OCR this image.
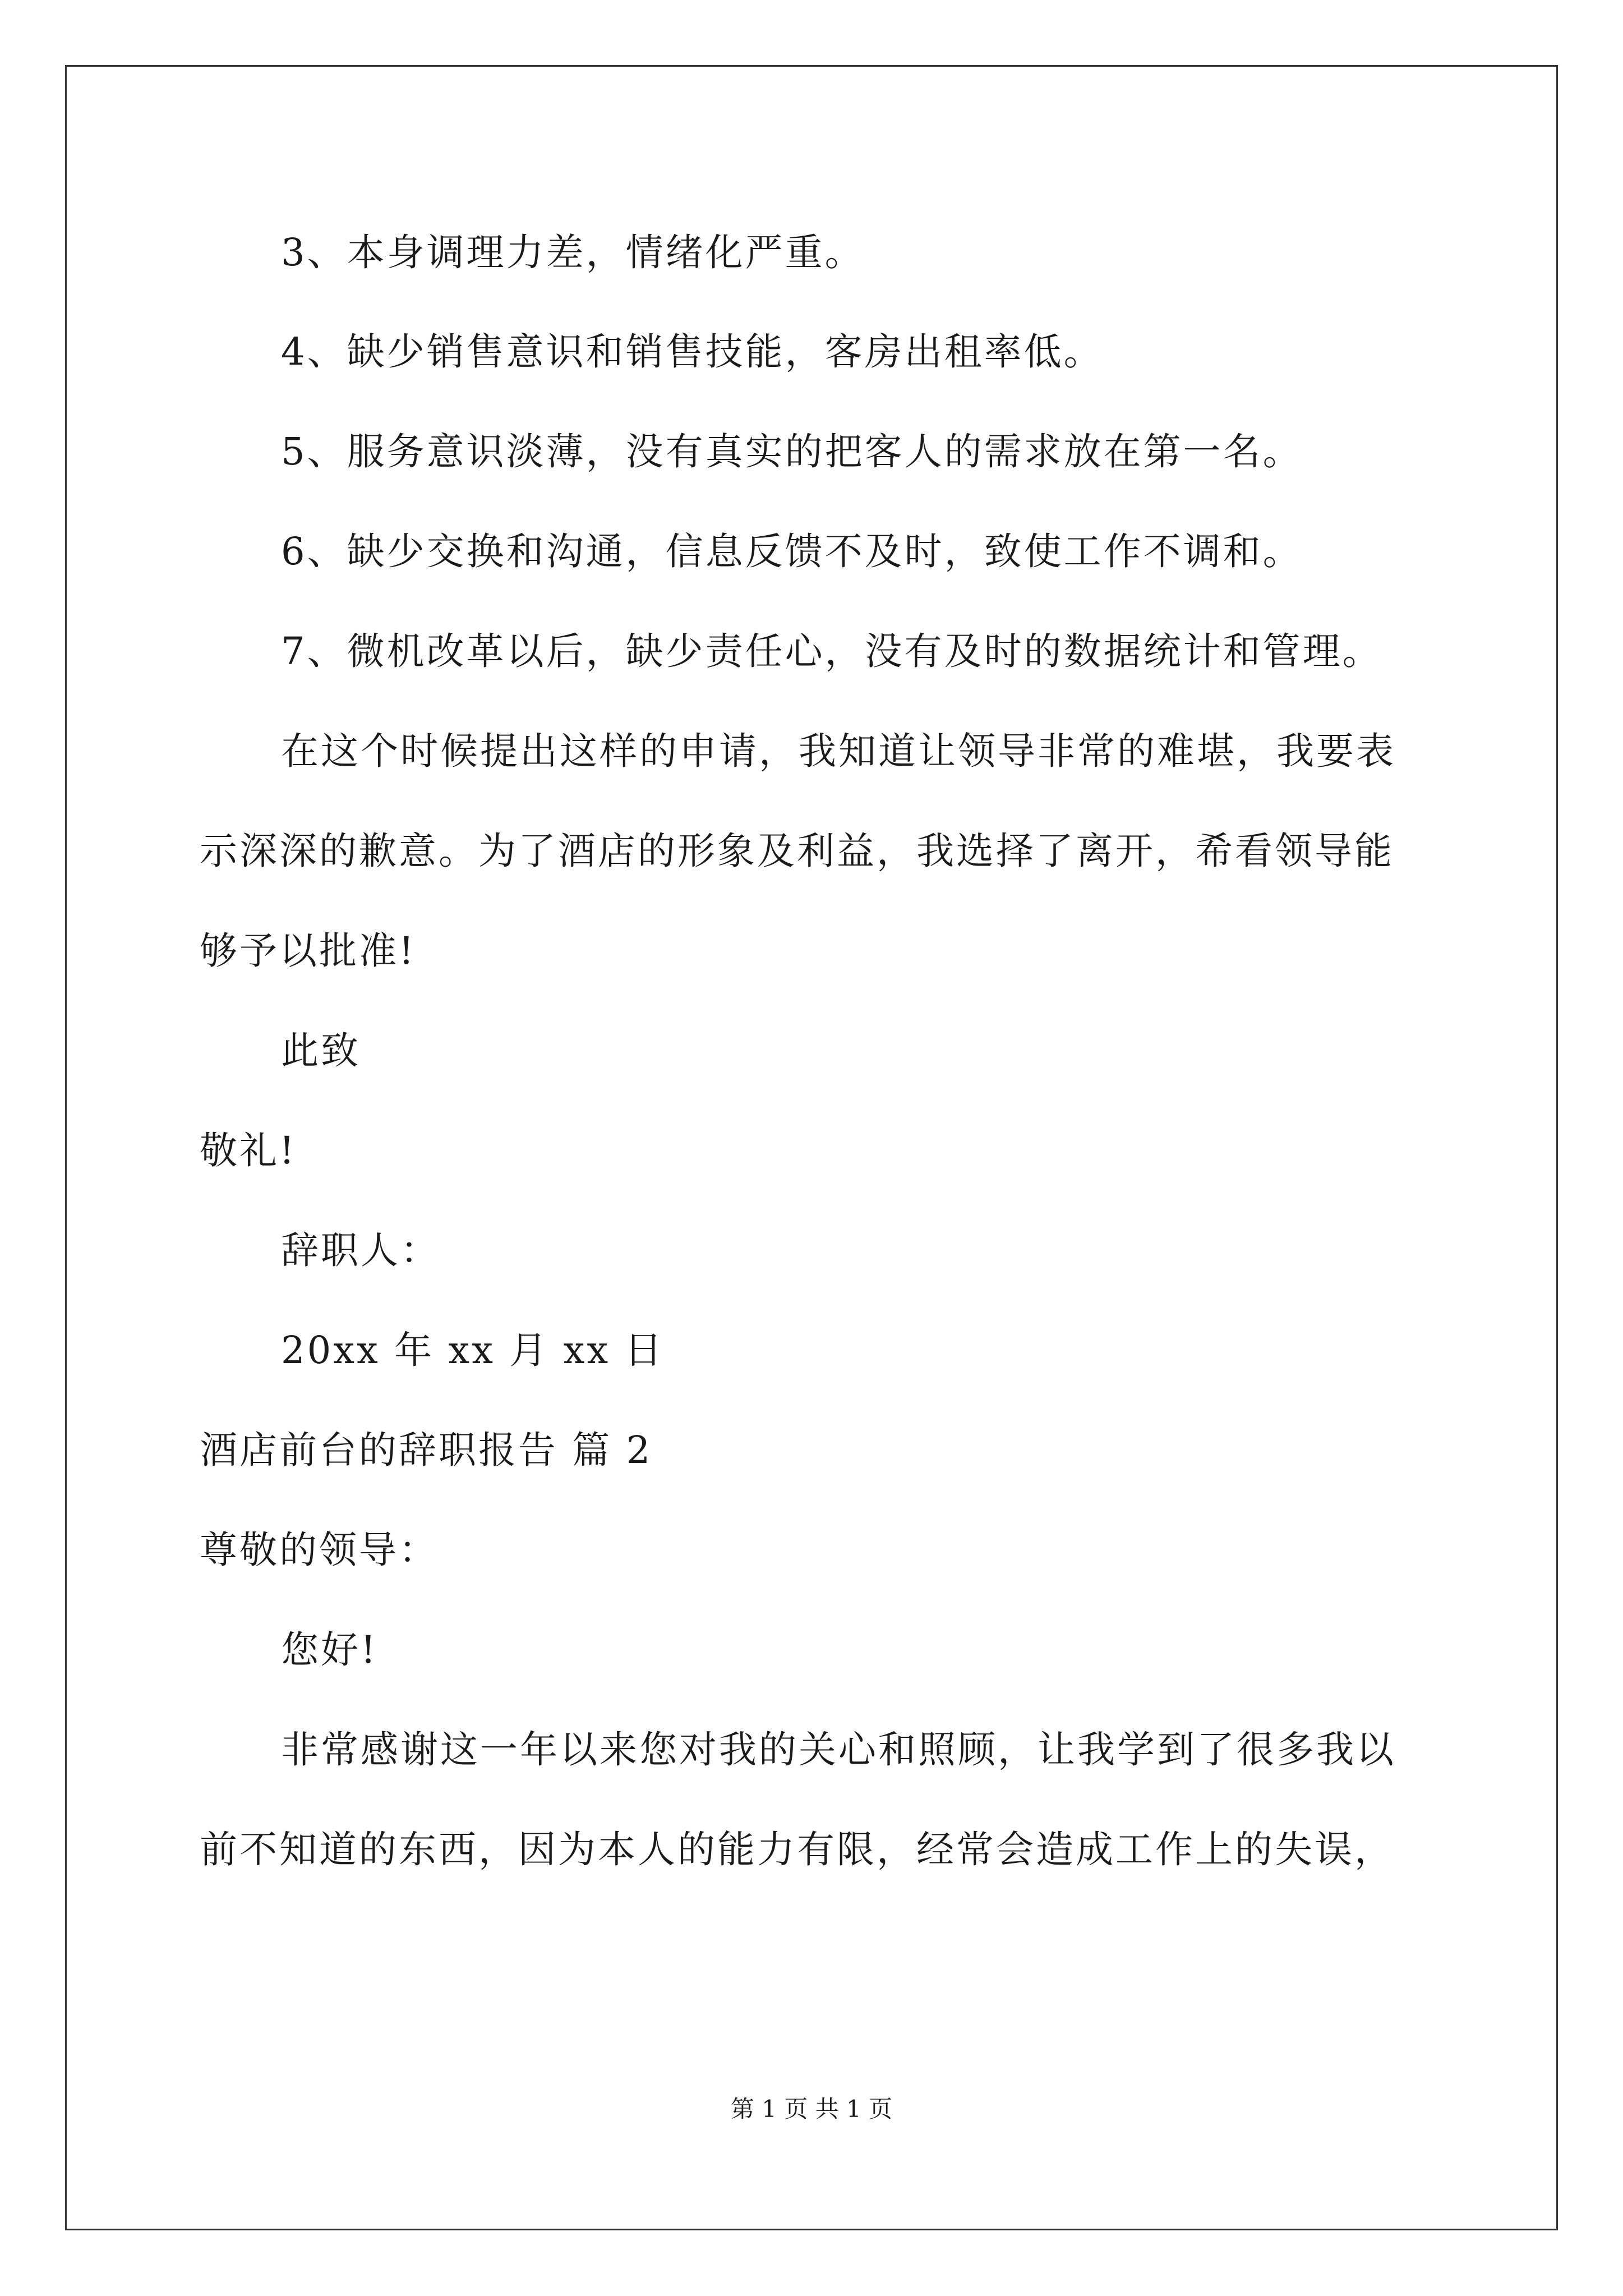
3、本身调理力差，情绪化严重。
4、缺少销售意识和销售技能，客房出租率低。
5、服务意识淡薄，没有真实的把客人的需求放在第一名。
6、缺少交换和沟通，信息反馈不及时，致使工作不调和。
7、微机改革以后，缺少责任心，没有及时的数据统计和管理。
在这个时候提出这样的申请，我知道让领导非常的难堪，我要表
示深深的歉意。为了酒店的形象及利益，我选择了离开，希看领导能
够予以批准!
此致
敬礼!
辞职人：
20xx 年 xx 月 xx 日
酒店前台的辞职报告 篇 2
尊敬的领导：
您好!
非常感谢这一年以来您对我的关心和照顾，让我学到了很多我以
前不知道的东西，因为本人的能力有限，经常会造成工作上的失误，
第 1 页 共 1 页
